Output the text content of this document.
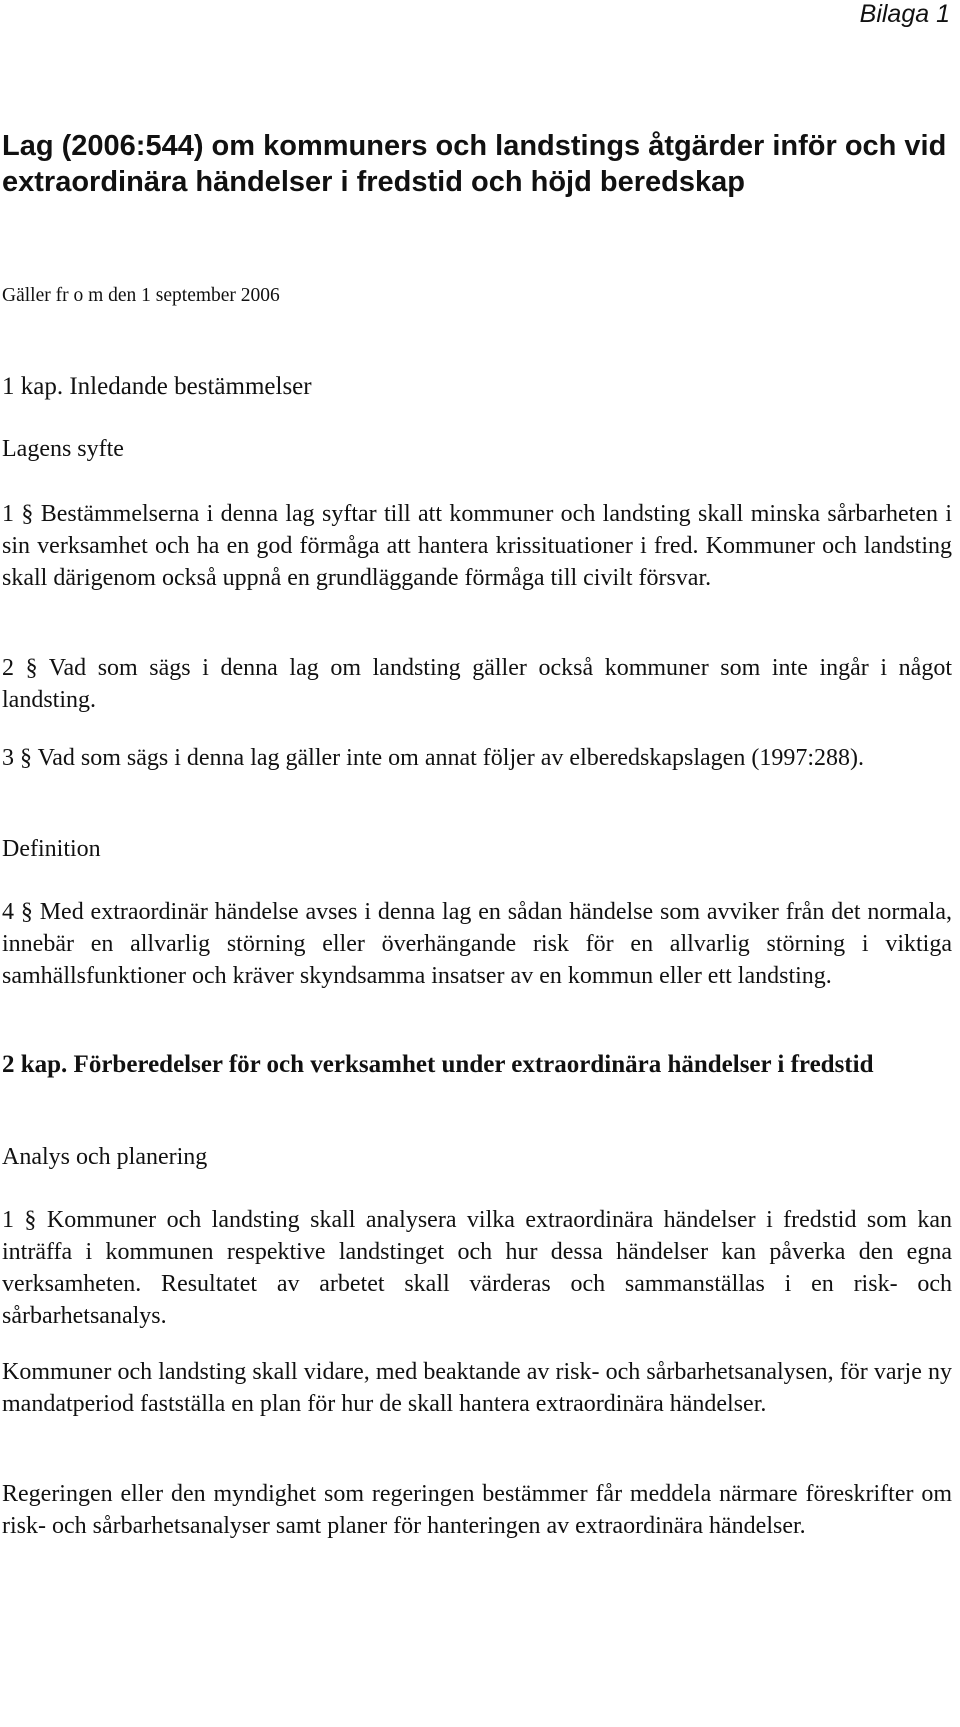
Bilaga 1
Lag (2006:544) om kommuners och landstings åtgärder inför och vid extraordinära händelser i fredstid och höjd beredskap
Gäller fr o m den 1 september 2006
1 kap. Inledande bestämmelser
Lagens syfte

1 § Bestämmelserna i denna lag syftar till att kommuner och landsting skall minska sårbarheten i sin verksamhet och ha en god förmåga att hantera krissituationer i fred. Kommuner och landsting skall därigenom också uppnå en grundläggande förmåga till civilt försvar.

2 § Vad som sägs i denna lag om landsting gäller också kommuner som inte ingår i något landsting.

3 § Vad som sägs i denna lag gäller inte om annat följer av elberedskapslagen (1997:288).

Definition

4 § Med extraordinär händelse avses i denna lag en sådan händelse som avviker från det normala, innebär en allvarlig störning eller överhängande risk för en allvarlig störning i viktiga samhällsfunktioner och kräver skyndsamma insatser av en kommun eller ett landsting.

2 kap. Förberedelser för och verksamhet under extraordinära händelser i fredstid

Analys och planering

1 § Kommuner och landsting skall analysera vilka extraordinära händelser i fredstid som kan inträffa i kommunen respektive landstinget och hur dessa händelser kan påverka den egna verksamheten. Resultatet av arbetet skall värderas och sammanställas i en risk- och sårbarhetsanalys.

Kommuner och landsting skall vidare, med beaktande av risk- och sårbarhetsanalysen, för varje ny mandatperiod fastställa en plan för hur de skall hantera extraordinära händelser.

Regeringen eller den myndighet som regeringen bestämmer får meddela närmare föreskrifter om risk- och sårbarhetsanalyser samt planer för hanteringen av extraordinära händelser.
